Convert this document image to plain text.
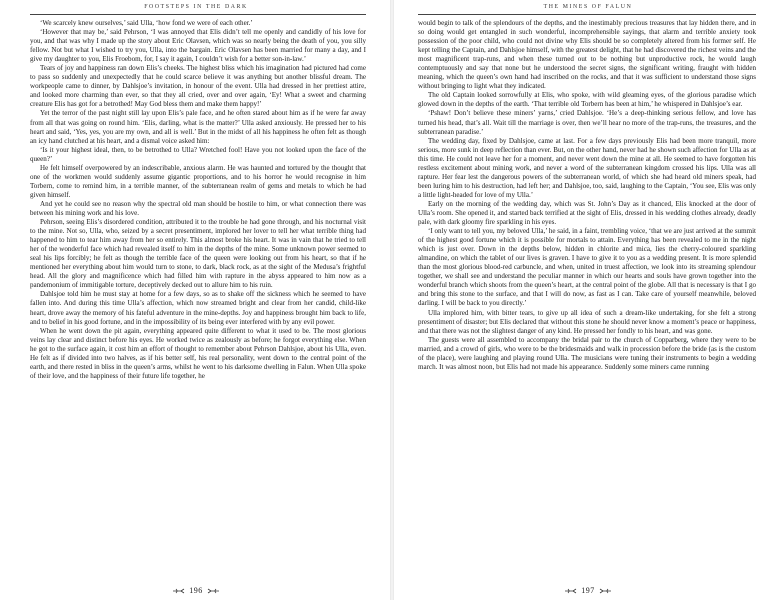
FOOTSTEPS IN THE DARK

‘We scarcely knew ourselves,’ said Ulla, ‘how fond we were of each other.’

‘However that may be,’ said Pehrson, ‘I was annoyed that Elis didn’t tell me openly and candidly of his love for you, and that was why I made up the story about Eric Olavsen, which was so nearly being the death of you, you silly fellow. Not but what I wished to try you, Ulla, into the bargain. Eric Olavsen has been married for many a day, and I give my daughter to you, Elis Froebom, for, I say it again, I couldn’t wish for a better son-in-law.’

Tears of joy and happiness ran down Elis’s cheeks. The highest bliss which his imagination had pictured had come to pass so suddenly and unexpectedly that he could scarce believe it was anything but another blissful dream. The workpeople came to dinner, by Dahlsjoe’s invitation, in honour of the event. Ulla had dressed in her prettiest attire, and looked more charming than ever, so that they all cried, over and over again, ‘Ey! What a sweet and charming creature Elis has got for a betrothed! May God bless them and make them happy!’

Yet the terror of the past night still lay upon Elis’s pale face, and he often stared about him as if he were far away from all that was going on round him. ‘Elis, darling, what is the matter?’ Ulla asked anxiously. He pressed her to his heart and said, ‘Yes, yes, you are my own, and all is well.’ But in the midst of all his happiness he often felt as though an icy hand clutched at his heart, and a dismal voice asked him:

‘Is it your highest ideal, then, to be betrothed to Ulla? Wretched fool! Have you not looked upon the face of the queen?’

He felt himself overpowered by an indescribable, anxious alarm. He was haunted and tortured by the thought that one of the workmen would suddenly assume gigantic proportions, and to his horror he would recognise in him Torbern, come to remind him, in a terrible manner, of the subterranean realm of gems and metals to which he had given himself.

And yet he could see no reason why the spectral old man should be hostile to him, or what connection there was between his mining work and his love.

Pehrson, seeing Elis’s disordered condition, attributed it to the trouble he had gone through, and his nocturnal visit to the mine. Not so, Ulla, who, seized by a secret presentiment, implored her lover to tell her what terrible thing had happened to him to tear him away from her so entirely. This almost broke his heart. It was in vain that he tried to tell her of the wonderful face which had revealed itself to him in the depths of the mine. Some unknown power seemed to seal his lips forcibly; he felt as though the terrible face of the queen were looking out from his heart, so that if he mentioned her everything about him would turn to stone, to dark, black rock, as at the sight of the Medusa’s frightful head. All the glory and magnificence which had filled him with rapture in the abyss appeared to him now as a pandemonium of immitigable torture, deceptively decked out to allure him to his ruin.

Dahlsjoe told him he must stay at home for a few days, so as to shake off the sickness which he seemed to have fallen into. And during this time Ulla’s affection, which now streamed bright and clear from her candid, child-like heart, drove away the memory of his fateful adventure in the mine-depths. Joy and happiness brought him back to life, and to belief in his good fortune, and in the impossibility of its being ever interfered with by any evil power.

When he went down the pit again, everything appeared quite different to what it used to be. The most glorious veins lay clear and distinct before his eyes. He worked twice as zealously as before; he forgot everything else. When he got to the surface again, it cost him an effort of thought to remember about Pehrson Dahlsjoe, about his Ulla, even. He felt as if divided into two halves, as if his better self, his real personality, went down to the central point of the earth, and there rested in bliss in the queen’s arms, whilst he went to his darksome dwelling in Falun. When Ulla spoke of their love, and the happiness of their future life together, he

196
THE MINES OF FALUN

would begin to talk of the splendours of the depths, and the inestimably precious treasures that lay hidden there, and in so doing would get entangled in such wonderful, incomprehensible sayings, that alarm and terrible anxiety took possession of the poor child, who could not divine why Elis should be so completely altered from his former self. He kept telling the Captain, and Dahlsjoe himself, with the greatest delight, that he had discovered the richest veins and the most magnificent trap-runs, and when these turned out to be nothing but unproductive rock, he would laugh contemptuously and say that none but he understood the secret signs, the significant writing, fraught with hidden meaning, which the queen’s own hand had inscribed on the rocks, and that it was sufficient to understand those signs without bringing to light what they indicated.

The old Captain looked sorrowfully at Elis, who spoke, with wild gleaming eyes, of the glorious paradise which glowed down in the depths of the earth. ‘That terrible old Torbern has been at him,’ he whispered in Dahlsjoe’s ear.

‘Pshaw! Don’t believe these miners’ yarns,’ cried Dahlsjoe. ‘He’s a deep-thinking serious fellow, and love has turned his head, that’s all. Wait till the marriage is over, then we’ll hear no more of the trap-runs, the treasures, and the subterranean paradise.’

The wedding day, fixed by Dahlsjoe, came at last. For a few days previously Elis had been more tranquil, more serious, more sunk in deep reflection than ever. But, on the other hand, never had he shown such affection for Ulla as at this time. He could not leave her for a moment, and never went down the mine at all. He seemed to have forgotten his restless excitement about mining work, and never a word of the subterranean kingdom crossed his lips. Ulla was all rapture. Her fear lest the dangerous powers of the subterranean world, of which she had heard old miners speak, had been luring him to his destruction, had left her; and Dahlsjoe, too, said, laughing to the Captain, ‘You see, Elis was only a little light-headed for love of my Ulla.’

Early on the morning of the wedding day, which was St. John’s Day as it chanced, Elis knocked at the door of Ulla’s room. She opened it, and started back terrified at the sight of Elis, dressed in his wedding clothes already, deadly pale, with dark gloomy fire sparkling in his eyes.

‘I only want to tell you, my beloved Ulla,’ he said, in a faint, trembling voice, ‘that we are just arrived at the summit of the highest good fortune which it is possible for mortals to attain. Everything has been revealed to me in the night which is just over. Down in the depths below, hidden in chlorite and mica, lies the cherry-coloured sparkling almandine, on which the tablet of our lives is graven. I have to give it to you as a wedding present. It is more splendid than the most glorious blood-red carbuncle, and when, united in truest affection, we look into its streaming splendour together, we shall see and understand the peculiar manner in which our hearts and souls have grown together into the wonderful branch which shoots from the queen’s heart, at the central point of the globe. All that is necessary is that I go and bring this stone to the surface, and that I will do now, as fast as I can. Take care of yourself meanwhile, beloved darling. I will be back to you directly.’

Ulla implored him, with bitter tears, to give up all idea of such a dream-like undertaking, for she felt a strong presentiment of disaster; but Elis declared that without this stone he should never know a moment’s peace or happiness, and that there was not the slightest danger of any kind. He pressed her fondly to his heart, and was gone.

The guests were all assembled to accompany the bridal pair to the church of Copparberg, where they were to be married, and a crowd of girls, who were to be the bridesmaids and walk in procession before the bride (as is the custom of the place), were laughing and playing round Ulla. The musicians were tuning their instruments to begin a wedding march. It was almost noon, but Elis had not made his appearance. Suddenly some miners came running

197
